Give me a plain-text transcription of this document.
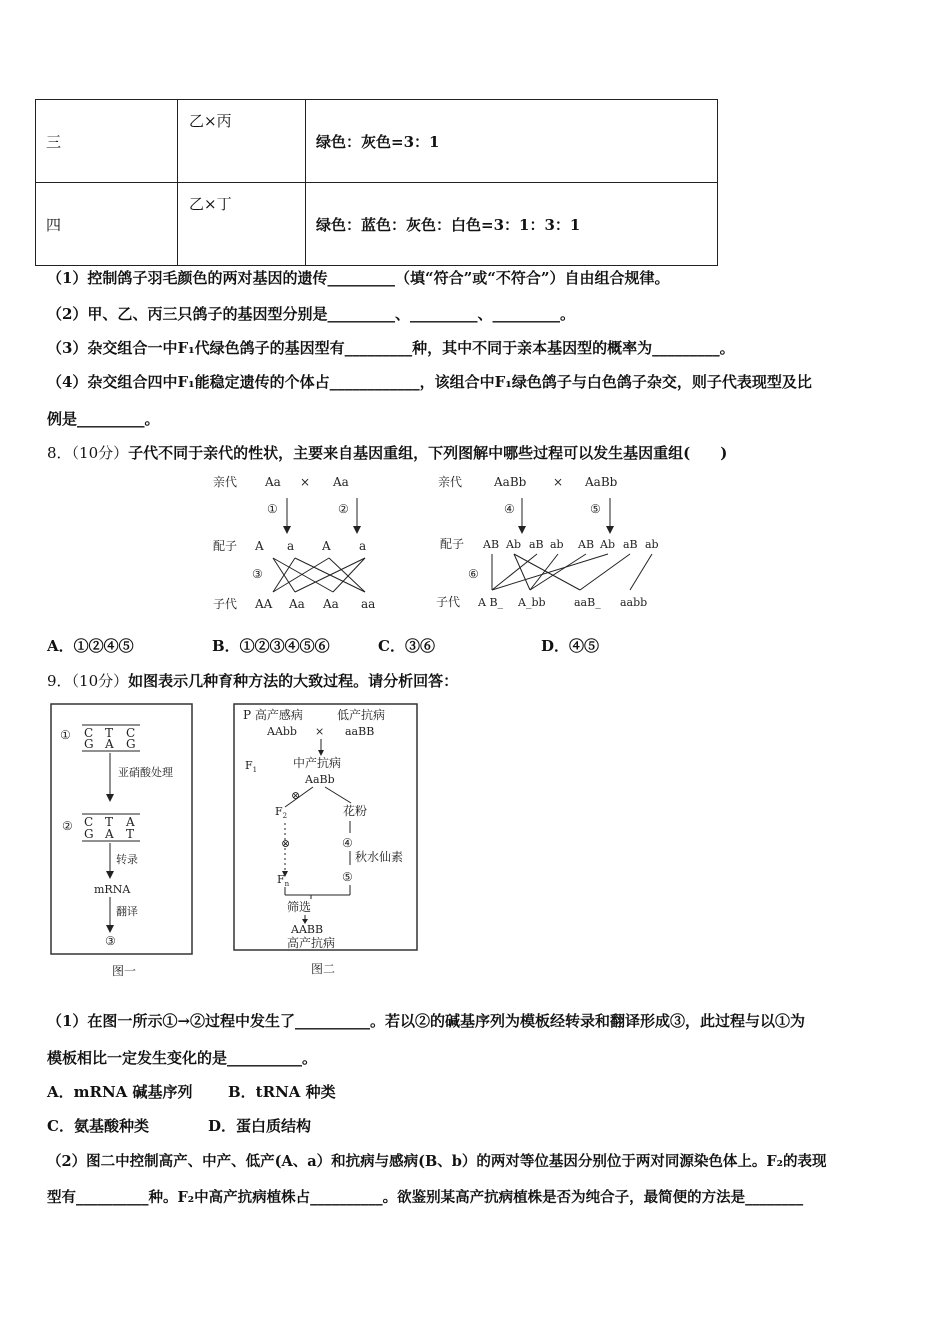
三	乙×丙	绿色：灰色=3：1
四	乙×丁	绿色：蓝色：灰色：白色=3：1：3：1
（1）控制鸽子羽毛颜色的两对基因的遗传_________（填“符合”或“不符合”）自由组合规律。
（2）甲、乙、丙三只鸽子的基因型分别是_________、_________、_________。
（3）杂交组合一中F₁代绿色鸽子的基因型有_________种，其中不同于亲本基因型的概率为_________。
（4）杂交组合四中F₁能稳定遗传的个体占____________，该组合中F₁绿色鸽子与白色鸽子杂交，则子代表现型及比
例是_________。
8．（10分）子代不同于亲代的性状，主要来自基因重组，下列图解中哪些过程可以发生基因重组(　　)
亲代 Aa × Aa
①	②
配子 A a A a
③
子代 AA Aa Aa aa
亲代	AaBb × AaBb
④	⑤
配子 AB Ab aB ab AB Ab aB ab
⑥
子代 A B_ A_bb	aaB_ aabb
A．①②④⑤	B．①②③④⑤⑥	C．③⑥	D．④⑤
9．（10分）如图表示几种育种方法的大致过程。请分析回答：
① C T C
G A G
亚硝酸处理
② C T A
G A T
转录
mRNA
翻译
③
图一
P 高产感病	低产抗病
AAbb × aaBB
$F_1$	中产抗病
AaBb
⊗
花粉
$F_2$
⊗	④
秋水仙素
⑤
$F_n$
筛选
AABB
高产抗病
图二
（1）在图一所示①→②过程中发生了__________。若以②的碱基序列为模板经转录和翻译形成③，此过程与以①为
模板相比一定发生变化的是__________。
A．mRNA 碱基序列 B．tRNA 种类
C．氨基酸种类	D．蛋白质结构
（2）图二中控制高产、中产、低产(A、a）和抗病与感病(B、b）的两对等位基因分别位于两对同源染色体上。F₂的表现
型有__________种。F₂中高产抗病植株占__________。欲鉴别某高产抗病植株是否为纯合子，最简便的方法是________
